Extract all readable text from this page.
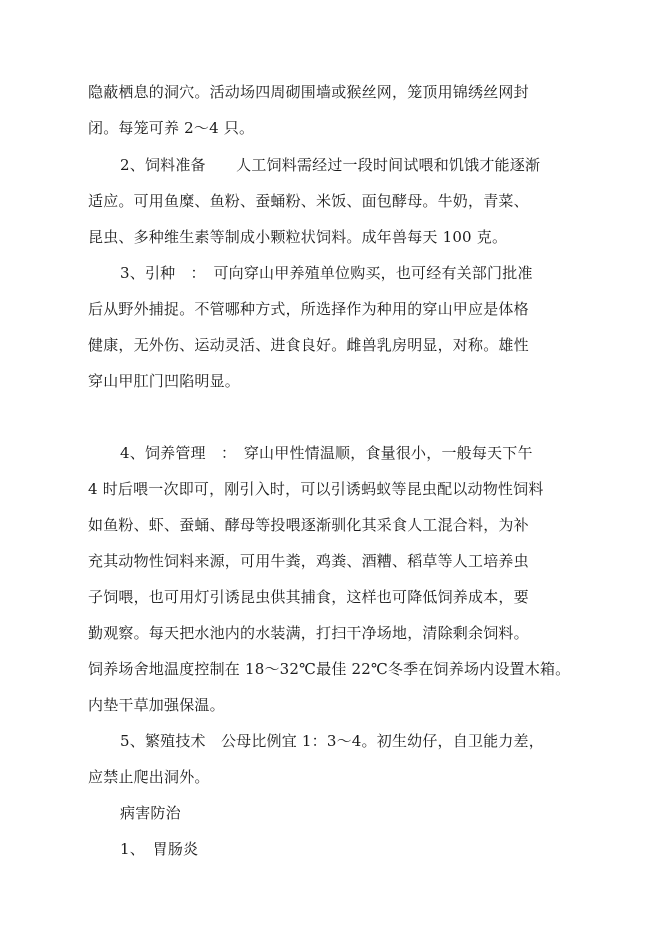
隐蔽栖息的洞穴。活动场四周砌围墙或猴丝网，笼顶用锦绣丝网封
闭。每笼可养 2～4 只。
2、饲料准备　　人工饲料需经过一段时间试喂和饥饿才能逐渐
适应。可用鱼糜、鱼粉、蚕蛹粉、米饭、面包酵母。牛奶，青菜、
昆虫、多种维生素等制成小颗粒状饲料。成年兽每天 100 克。
3、引种　：　可向穿山甲养殖单位购买，也可经有关部门批准
后从野外捕捉。不管哪种方式，所选择作为种用的穿山甲应是体格
健康，无外伤、运动灵活、进食良好。雌兽乳房明显，对称。雄性
穿山甲肛门凹陷明显。
4、饲养管理　：　穿山甲性情温顺，食量很小，一般每天下午
4 时后喂一次即可，刚引入时，可以引诱蚂蚁等昆虫配以动物性饲料
如鱼粉、虾、蚕蛹、酵母等投喂逐渐驯化其采食人工混合料，为补
充其动物性饲料来源，可用牛粪，鸡粪、酒糟、稻草等人工培养虫
子饲喂，也可用灯引诱昆虫供其捕食，这样也可降低饲养成本，要
勤观察。每天把水池内的水装满，打扫干净场地，清除剩余饲料。
饲养场舍地温度控制在 18～32℃最佳 22℃冬季在饲养场内设置木箱。
内垫干草加强保温。
5、繁殖技术　公母比例宜 1：3～4。初生幼仔，自卫能力差，
应禁止爬出洞外。
病害防治
1、　胃肠炎
